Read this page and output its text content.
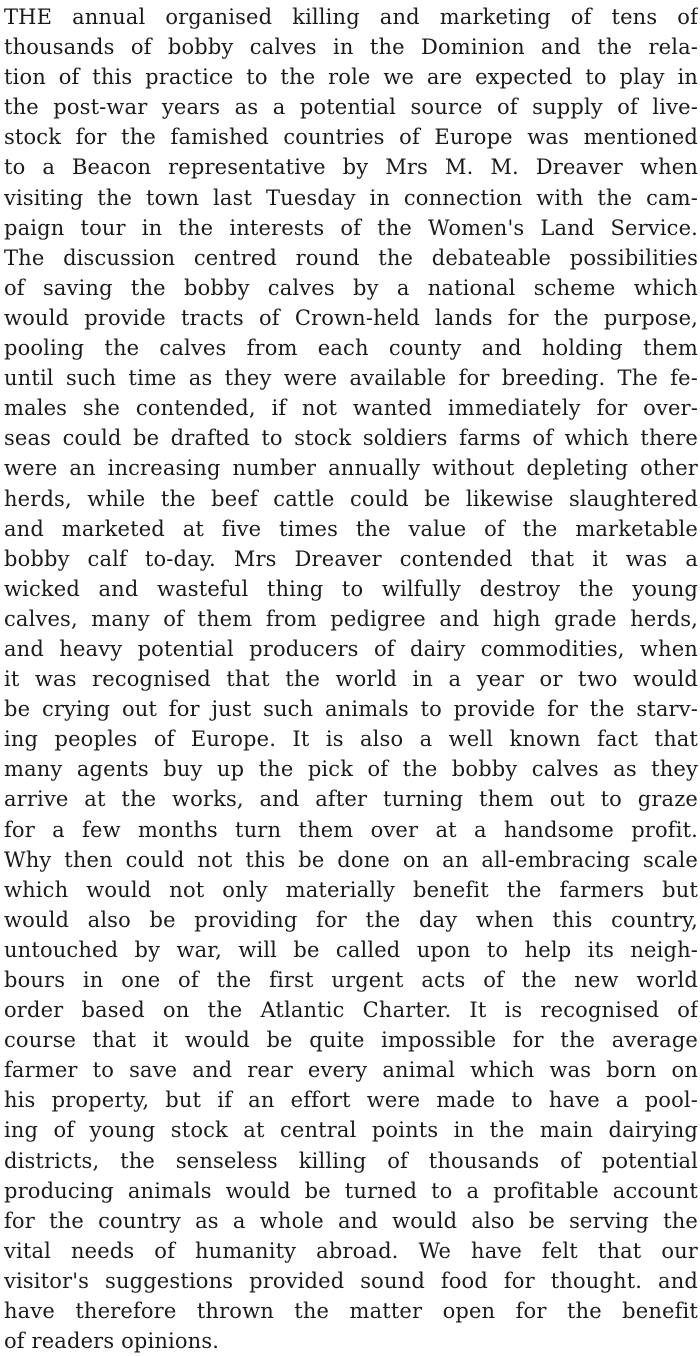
THE annual organised killing and marketing of tens of
thousands of bobby calves in the Dominion and the rela-
tion of this practice to the role we are expected to play in
the post-war years as a potential source of supply of live-
stock for the famished countries of Europe was mentioned
to a Beacon representative by Mrs M. M. Dreaver when
visiting the town last Tuesday in connection with the cam-
paign tour in the interests of the Women's Land Service.
The discussion centred round the debateable possibilities
of saving the bobby calves by a national scheme which
would provide tracts of Crown-held lands for the purpose,
pooling the calves from each county and holding them
until such time as they were available for breeding. The fe-
males she contended, if not wanted immediately for over-
seas could be drafted to stock soldiers farms of which there
were an increasing number annually without depleting other
herds, while the beef cattle could be likewise slaughtered
and marketed at five times the value of the marketable
bobby calf to-day. Mrs Dreaver contended that it was a
wicked and wasteful thing to wilfully destroy the young
calves, many of them from pedigree and high grade herds,
and heavy potential producers of dairy commodities, when
it was recognised that the world in a year or two would
be crying out for just such animals to provide for the starv-
ing peoples of Europe. It is also a well known fact that
many agents buy up the pick of the bobby calves as they
arrive at the works, and after turning them out to graze
for a few months turn them over at a handsome profit.
Why then could not this be done on an all-embracing scale
which would not only materially benefit the farmers but
would also be providing for the day when this country,
untouched by war, will be called upon to help its neigh-
bours in one of the first urgent acts of the new world
order based on the Atlantic Charter. It is recognised of
course that it would be quite impossible for the average
farmer to save and rear every animal which was born on
his property, but if an effort were made to have a pool-
ing of young stock at central points in the main dairying
districts, the senseless killing of thousands of potential
producing animals would be turned to a profitable account
for the country as a whole and would also be serving the
vital needs of humanity abroad. We have felt that our
visitor's suggestions provided sound food for thought. and
have therefore thrown the matter open for the benefit
of readers opinions.
